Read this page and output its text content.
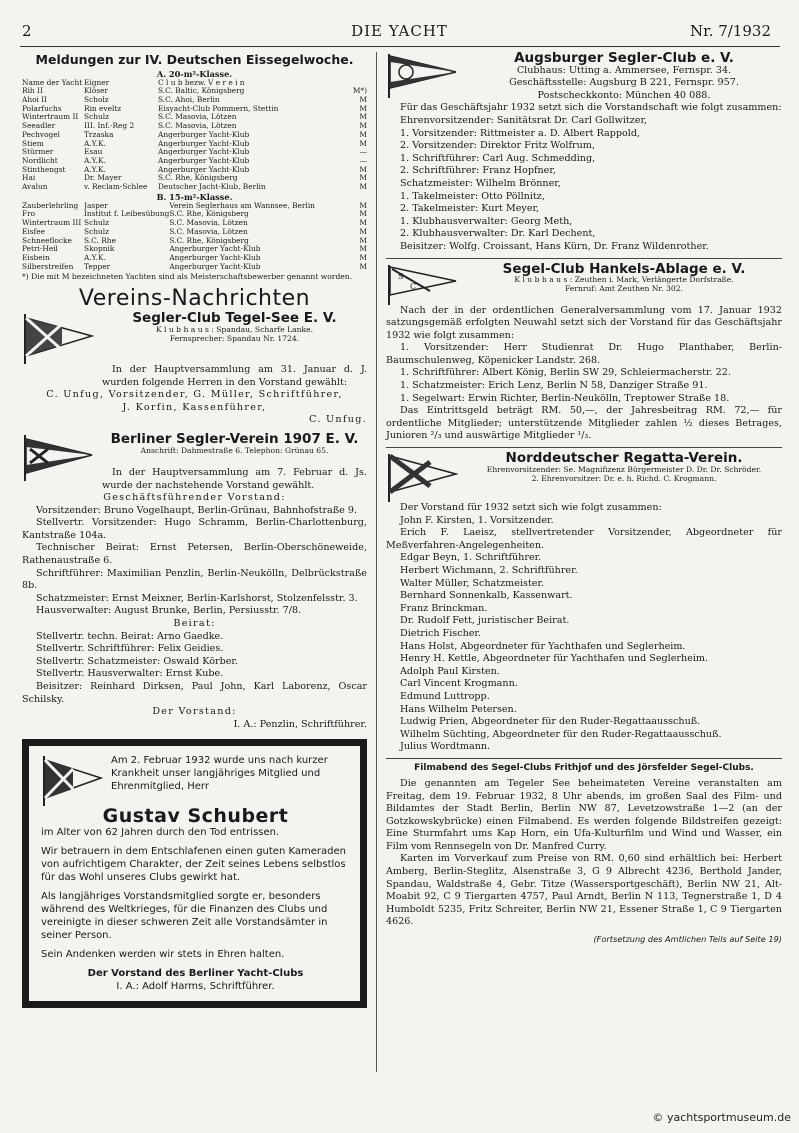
2	DIE YACHT	Nr. 7/1932
Meldungen zur IV. Deutschen Eissegelwoche.
A. 20-m²-Klasse.
Name der Yacht	Eigner	C l u b bezw. V e r e i n	
Rih II	Klöser	S.C. Baltic, Königsberg	M*)
Ahoi II	Scholz	S.C. Ahoi, Berlin	M
Polarfuchs	Rin eveltz	Eisyacht-Club Pommern, Stettin	M
Wintertraum II	Schulz	S.C. Masovia, Lötzen	M
Seeadler	III. Inf.-Reg 2	S.C. Masovia, Lötzen	M
Pechvogel	Trzaska	Angerburger Yacht-Klub	M
Stiem	A.Y.K.	Angerburger Yacht-Klub	M
Stürmer	Esau	Angerburger Yacht-Klub	—
Nordlicht	A.Y.K.	Angerburger Yacht-Klub	—
Stinthengst	A.Y.K.	Angerburger Yacht-Klub	M
Hai	Dr. Mayer	S.C. Rhe, Königsberg	M
Avalun	v. Reclam-Schlee	Deutscher Jacht-Klub, Berlin	M
B. 15-m²-Klasse.
Zauberlehrling	Jasper	Verein Seglerhaus am Wannsee, Berlin	M
Fro	Institut f. Leibesübung	S.C. Rhe, Königsberg	M
Wintertraum III	Schulz	S.C. Masovia, Lötzen	M
Eisfee	Schulz	S.C. Masovia, Lötzen	M
Schneeflocke	S.C. Rhe	S.C. Rhe, Königsberg	M
Petri-Heil	Skopnik	Angerburger Yacht-Klub	M
Eisbein	A.Y.K.	Angerburger Yacht-Klub	M
Silberstreifen	Tepper	Angerburger Yacht-Klub	M
*) Die mit M bezeichneten Yachten sind als Meisterschaftsbewerber genannt worden.
Vereins-Nachrichten
Segler-Club Tegel-See E. V.
K l u b h a u s : Spandau, Scharfe Lanke.
Fernsprecher: Spandau Nr. 1724.

In der Hauptversammlung am 31. Januar d. J. wurden folgende Herren in den Vorstand gewählt:

C. Unfug, Vorsitzender, G. Müller, Schriftführer,

J. Korfin, Kassenführer,

C. Unfug.

Berliner Segler-Verein 1907 E. V.
Anschrift: Dahmestraße 6. Telephon: Grünau 65.

In der Hauptversammlung am 7. Februar d. Js. wurde der nachstehende Vorstand gewählt.

Geschäftsführender Vorstand:

Vorsitzender: Bruno Vogelhaupt, Berlin-Grünau, Bahnhofstraße 9.

Stellvertr. Vorsitzender: Hugo Schramm, Berlin-Charlottenburg, Kantstraße 104a.

Technischer Beirat: Ernst Petersen, Berlin-Oberschöneweide, Rathenaustraße 6.

Schriftführer: Maximilian Penzlin, Berlin-Neukölln, Delbrückstraße 8b.

Schatzmeister: Ernst Meixner, Berlin-Karlshorst, Stolzenfelsstr. 3.

Hausverwalter: August Brunke, Berlin, Persiusstr. 7/8.

Beirat:

Stellvertr. techn. Beirat: Arno Gaedke.

Stellvertr. Schriftführer: Felix Geidies.

Stellvertr. Schatzmeister: Oswald Körber.

Stellvertr. Hausverwalter: Ernst Kube.

Beisitzer: Reinhard Dirksen, Paul John, Karl Laborenz, Oscar Schilsky.

Der Vorstand:

I. A.: Penzlin, Schriftführer.

Am 2. Februar 1932 wurde uns nach kurzer Krankheit unser langjähriges Mitglied und Ehrenmitglied, Herr

Gustav Schubert

im Alter von 62 Jahren durch den Tod entrissen.

Wir betrauern in dem Entschlafenen einen guten Kameraden von aufrichtigem Charakter, der Zeit seines Lebens selbstlos für das Wohl unseres Clubs gewirkt hat.

Als langjähriges Vorstandsmitglied sorgte er, besonders während des Weltkrieges, für die Finanzen des Clubs und vereinigte in dieser schweren Zeit alle Vorstandsämter in seiner Person.

Sein Andenken werden wir stets in Ehren halten.

Der Vorstand des Berliner Yacht-Clubs

I. A.: Adolf Harms, Schriftführer.

Augsburger Segler-Club e. V.
Clubhaus: Utting a. Ammersee, Fernspr. 34.
Geschäftsstelle: Augsburg B 221, Fernspr. 957.
Postscheckkonto: München 40 088.

Für das Geschäftsjahr 1932 setzt sich die Vorstandschaft wie folgt zusammen:

Ehrenvorsitzender: Sanitätsrat Dr. Carl Gollwitzer,

1. Vorsitzender: Rittmeister a. D. Albert Rappold,

2. Vorsitzender: Direktor Fritz Wolfrum,

1. Schriftführer: Carl Aug. Schmedding,

2. Schriftführer: Franz Hopfner,

Schatzmeister: Wilhelm Brönner,

1. Takelmeister: Otto Pöllnitz,

2. Takelmeister: Kurt Meyer,

1. Klubhausverwalter: Georg Meth,

2. Klubhausverwalter: Dr. Karl Dechent,

Beisitzer: Wolfg. Croissant, Hans Kürn, Dr. Franz Wildenrother.

S
C
Segel-Club Hankels-Ablage e. V.
K l u b h a u s : Zeuthen i. Mark, Verlängerte Dorfstraße.
Fernruf: Amt Zeuthen Nr. 302.

Nach der in der ordentlichen Generalversammlung vom 17. Januar 1932 satzungsgemäß erfolgten Neuwahl setzt sich der Vorstand für das Geschäftsjahr 1932 wie folgt zusammen:

1. Vorsitzender: Herr Studienrat Dr. Hugo Planthaber, Berlin-Baumschulenweg, Köpenicker Landstr. 268.

1. Schriftführer: Albert König, Berlin SW 29, Schleiermacherstr. 22.

1. Schatzmeister: Erich Lenz, Berlin N 58, Danziger Straße 91.

1. Segelwart: Erwin Richter, Berlin-Neukölln, Treptower Straße 18.

Das Eintrittsgeld beträgt RM. 50,—, der Jahresbeitrag RM. 72,— für ordentliche Mitglieder; unterstützende Mitglieder zahlen ½ dieses Betrages, Junioren ²/₃ und auswärtige Mitglieder ¹/₃.

Norddeutscher Regatta-Verein.
Ehrenvorsitzender: Se. Magnifizenz Bürgermeister D. Dr. Dr. Schröder.
2. Ehrenvorsitzer: Dr. e. h. Richd. C. Krogmann.

Der Vorstand für 1932 setzt sich wie folgt zusammen:

John F. Kirsten, 1. Vorsitzender.

Erich F. Laeisz, stellvertretender Vorsitzender, Abgeordneter für Meßverfahren-Angelegenheiten.

Edgar Beyn, 1. Schriftführer.

Herbert Wichmann, 2. Schriftführer.

Walter Müller, Schatzmeister.

Bernhard Sonnenkalb, Kassenwart.

Franz Brinckman.

Dr. Rudolf Fett, juristischer Beirat.

Dietrich Fischer.

Hans Holst, Abgeordneter für Yachthafen und Seglerheim.

Henry H. Kettle, Abgeordneter für Yachthafen und Seglerheim.

Adolph Paul Kirsten.

Carl Vincent Krogmann.

Edmund Luttropp.

Hans Wilhelm Petersen.

Ludwig Prien, Abgeordneter für den Ruder-Regattaausschuß.

Wilhelm Süchting, Abgeordneter für den Ruder-Regattaausschuß.

Julius Wordtmann.

Filmabend des Segel-Clubs Frithjof und des Jörsfelder Segel-Clubs.

Die genannten am Tegeler See beheimateten Vereine veranstalten am Freitag, dem 19. Februar 1932, 8 Uhr abends, im großen Saal des Film- und Bildamtes der Stadt Berlin, Berlin NW 87, Levetzowstraße 1—2 (an der Gotzkowskybrücke) einen Filmabend. Es werden folgende Bildstreifen gezeigt: Eine Sturmfahrt ums Kap Horn, ein Ufa-Kulturfilm und Wind und Wasser, ein Film vom Rennsegeln von Dr. Manfred Curry.

Karten im Vorverkauf zum Preise von RM. 0,60 sind erhältlich bei: Herbert Amberg, Berlin-Steglitz, Alsenstraße 3, G 9 Albrecht 4236, Berthold Jander, Spandau, Waldstraße 4, Gebr. Titze (Wassersportgeschäft), Berlin NW 21, Alt-Moabit 92, C 9 Tiergarten 4757, Paul Arndt, Berlin N 113, Tegnerstraße 1, D 4 Humboldt 5235, Fritz Schreiter, Berlin NW 21, Essener Straße 1, C 9 Tiergarten 4626.

(Fortsetzung des Amtlichen Teils auf Seite 19)

© yachtsportmuseum.de
